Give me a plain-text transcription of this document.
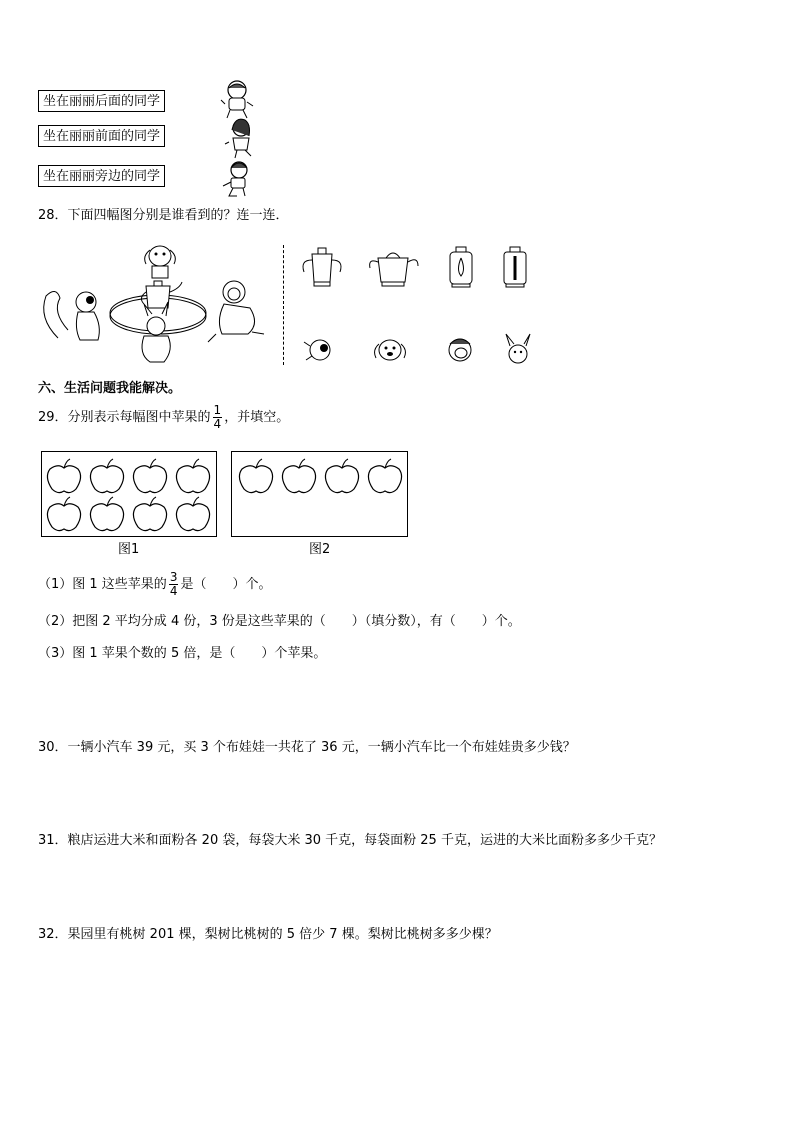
坐在丽丽后面的同学
坐在丽丽前面的同学
坐在丽丽旁边的同学
28．下面四幅图分别是谁看到的？连一连．
六、生活问题我能解决。
29．分别表示每幅图中苹果的 $\frac{1}{4}$ ，并填空。
图1	图2
（1）图 1 这些苹果的 $\frac{3}{4}$ 是（　　）个。
（2）把图 2 平均分成 4 份，3 份是这些苹果的（　　）（填分数），有（　　）个。
（3）图 1 苹果个数的 5 倍，是（　　）个苹果。
30．一辆小汽车 39 元，买 3 个布娃娃一共花了 36 元，一辆小汽车比一个布娃娃贵多少钱？
31．粮店运进大米和面粉各 20 袋，每袋大米 30 千克，每袋面粉 25 千克，运进的大米比面粉多多少千克？
32．果园里有桃树 201 棵，梨树比桃树的 5 倍少 7 棵。梨树比桃树多多少棵？
